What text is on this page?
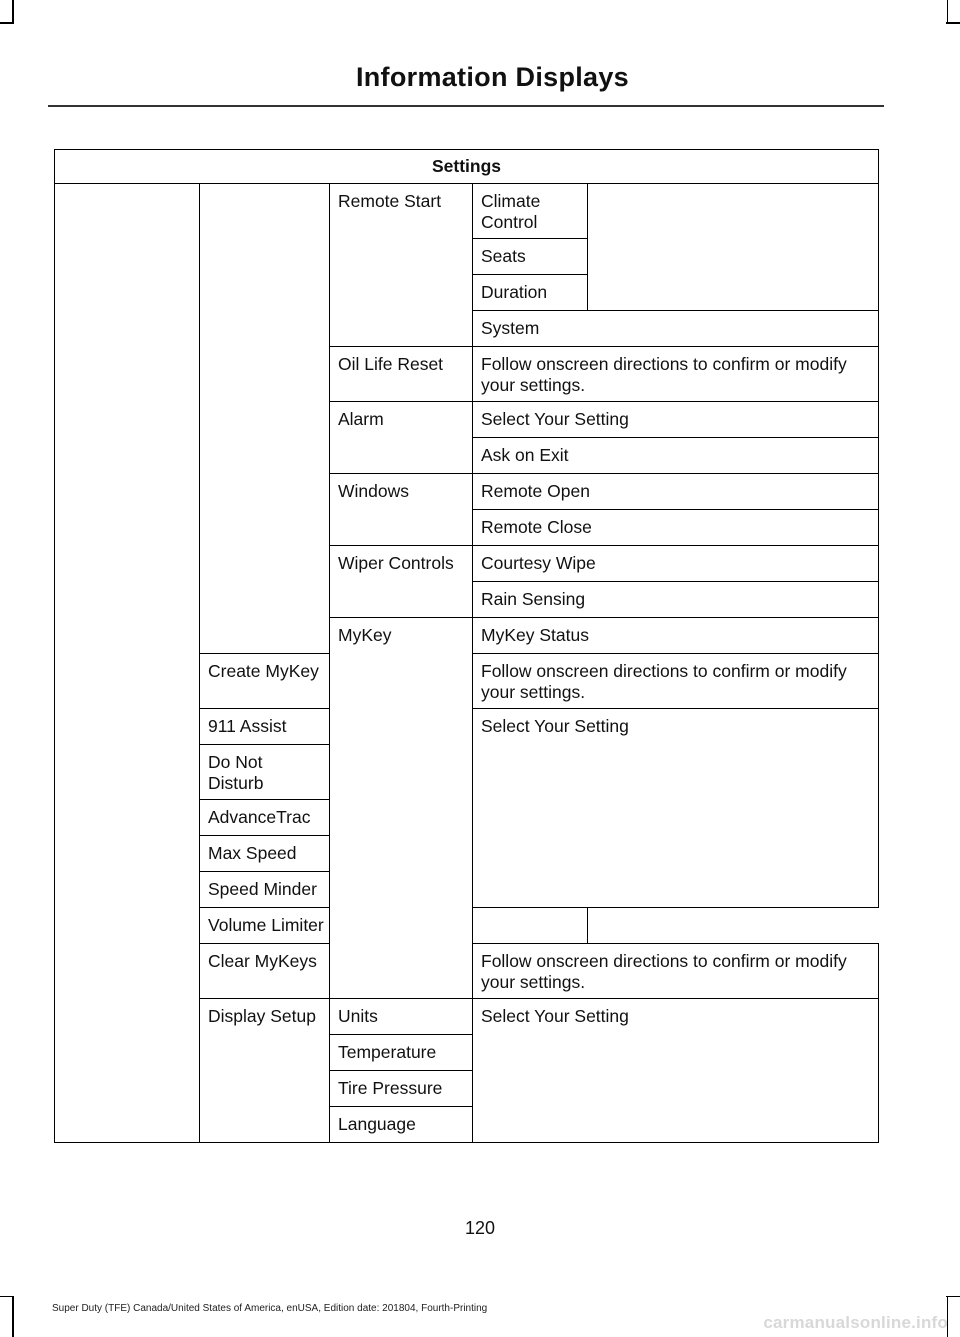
Information Displays
Settings				
		Remote Start	Climate Control	
			Seats	
			Duration	
			System	
		Oil Life Reset	Follow onscreen directions to confirm or modify your settings.	
		Alarm	Select Your Setting	
			Ask on Exit	
		Windows	Remote Open	
			Remote Close	
		Wiper Controls	Courtesy Wipe	
			Rain Sensing	
		MyKey	MyKey Status	
	Create MyKey		Follow onscreen directions to confirm or modify your settings.	
	911 Assist		Select Your Setting	
	Do Not Disturb			
	AdvanceTrac			
	Max Speed			
	Speed Minder			
	Volume Limiter			
	Clear MyKeys		Follow onscreen directions to confirm or modify your settings.	
	Display Setup	Units	Select Your Setting	
		Temperature		
		Tire Pressure		
		Language		
120
Super Duty (TFE) Canada/United States of America, enUSA, Edition date: 201804, Fourth-Printing
carmanualsonline.info
